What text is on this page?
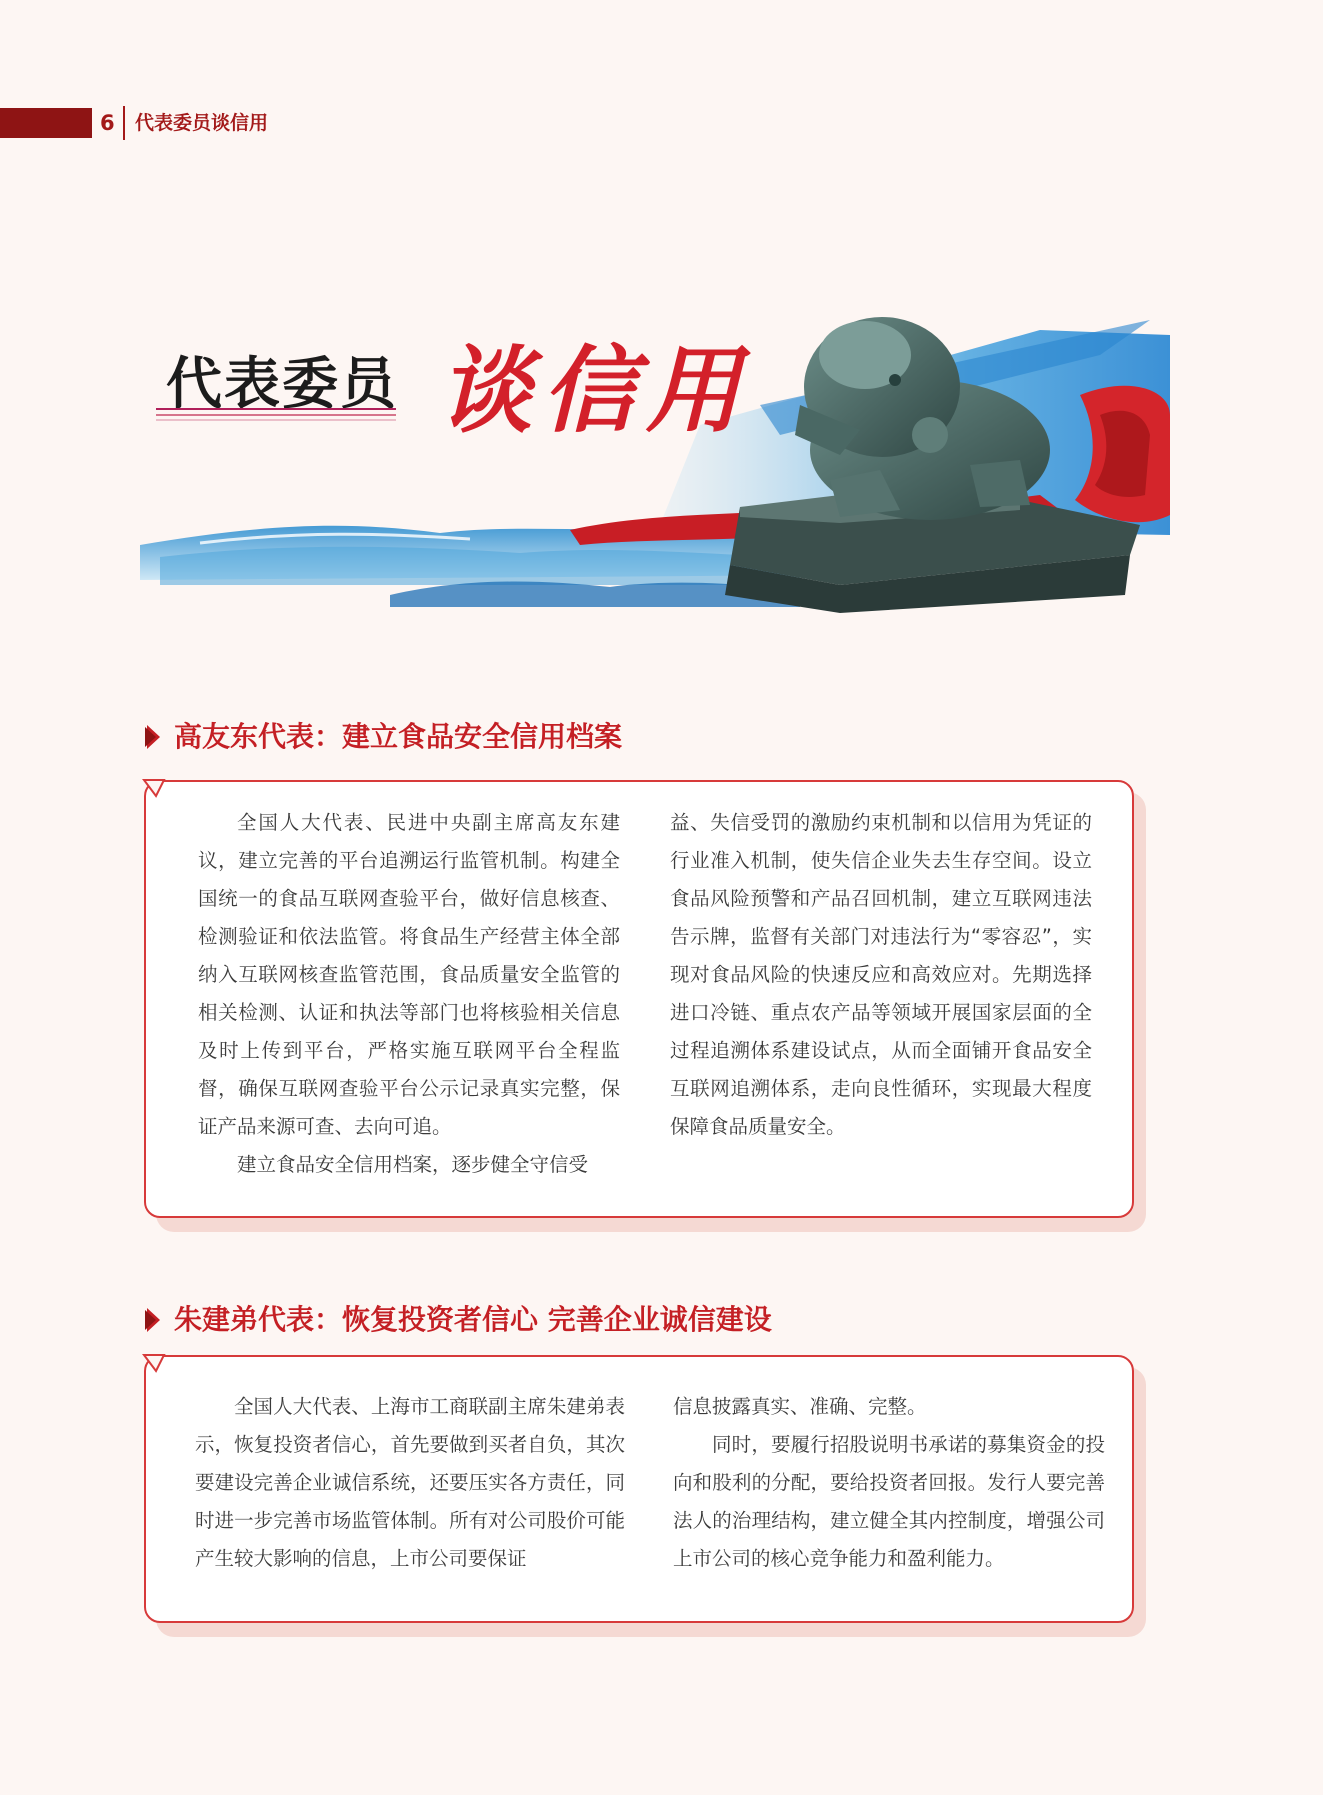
6 代表委员谈信用
代表委员 谈信用
高友东代表：建立食品安全信用档案

全国人大代表、民进中央副主席高友东建议，建立完善的平台追溯运行监管机制。构建全国统一的食品互联网查验平台，做好信息核查、检测验证和依法监管。将食品生产经营主体全部纳入互联网核查监管范围，食品质量安全监管的相关检测、认证和执法等部门也将核验相关信息及时上传到平台，严格实施互联网平台全程监督，确保互联网查验平台公示记录真实完整，保证产品来源可查、去向可追。

建立食品安全信用档案，逐步健全守信受

益、失信受罚的激励约束机制和以信用为凭证的行业准入机制，使失信企业失去生存空间。设立食品风险预警和产品召回机制，建立互联网违法告示牌，监督有关部门对违法行为“零容忍”，实现对食品风险的快速反应和高效应对。先期选择进口冷链、重点农产品等领域开展国家层面的全过程追溯体系建设试点，从而全面铺开食品安全互联网追溯体系，走向良性循环，实现最大程度保障食品质量安全。

朱建弟代表：恢复投资者信心 完善企业诚信建设

全国人大代表、上海市工商联副主席朱建弟表示，恢复投资者信心，首先要做到买者自负，其次要建设完善企业诚信系统，还要压实各方责任，同时进一步完善市场监管体制。所有对公司股价可能产生较大影响的信息，上市公司要保证

信息披露真实、准确、完整。

同时，要履行招股说明书承诺的募集资金的投向和股利的分配，要给投资者回报。发行人要完善法人的治理结构，建立健全其内控制度，增强公司上市公司的核心竞争能力和盈利能力。
